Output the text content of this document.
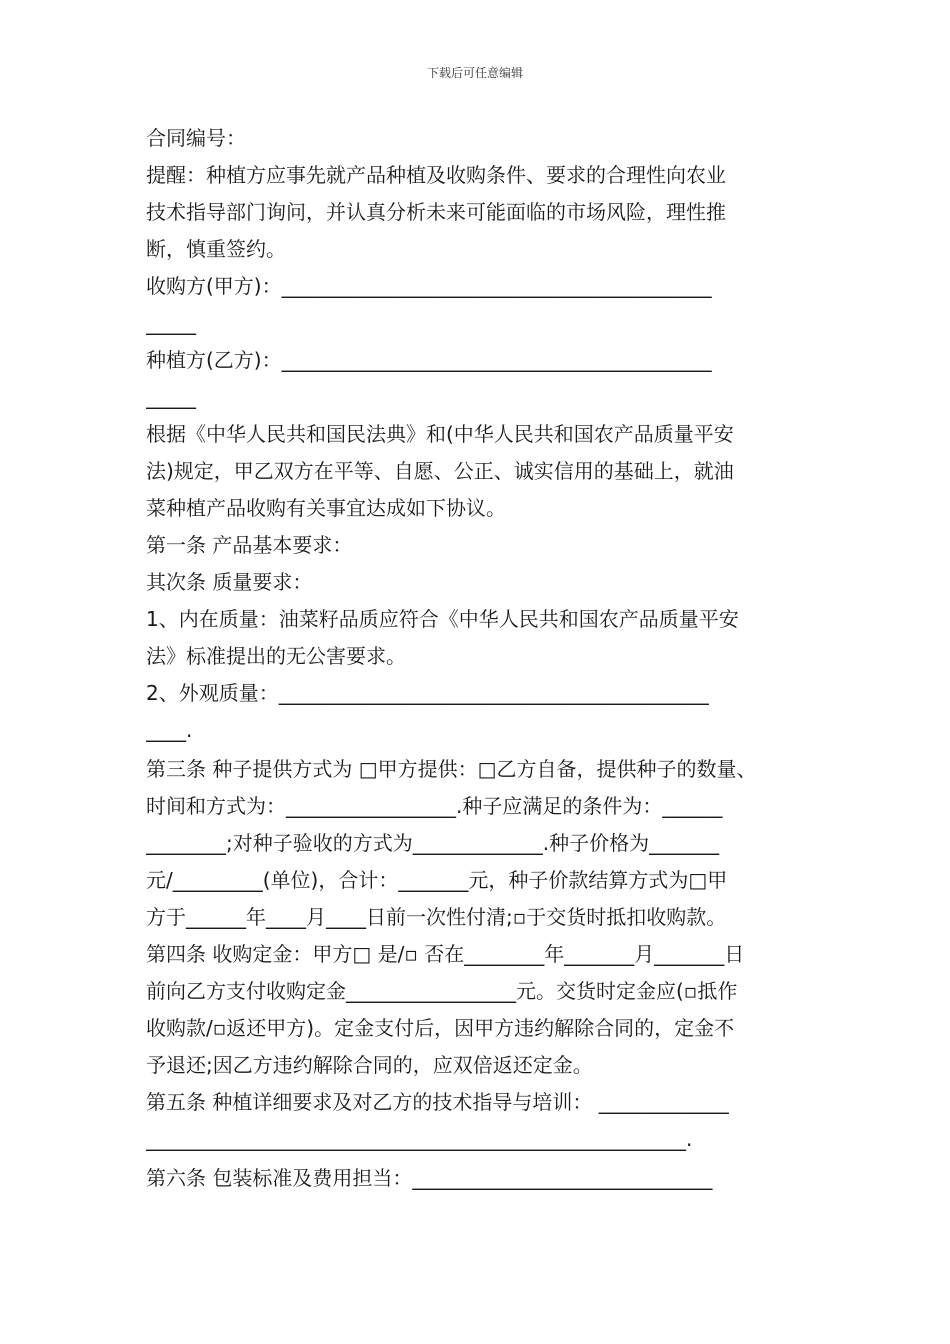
下载后可任意编辑
合同编号：
提醒：种植方应事先就产品种植及收购条件、要求的合理性向农业
技术指导部门询问，并认真分析未来可能面临的市场风险，理性推
断，慎重签约。
收购方(甲方)：___________________________________________
_____
种植方(乙方)：___________________________________________
_____
根据《中华人民共和国民法典》和(中华人民共和国农产品质量平安
法)规定，甲乙双方在平等、自愿、公正、诚实信用的基础上，就油
菜种植产品收购有关事宜达成如下协议。
第一条 产品基本要求：
其次条 质量要求：
1、内在质量：油菜籽品质应符合《中华人民共和国农产品质量平安
法》标准提出的无公害要求。
2、外观质量：___________________________________________
____.
第三条 种子提供方式为 □甲方提供：□乙方自备，提供种子的数量、
时间和方式为：_________________.种子应满足的条件为：______
________;对种子验收的方式为_____________.种子价格为_______
元/_________(单位)，合计：_______元，种子价款结算方式为□甲
方于______年____月____日前一次性付清;▫于交货时抵扣收购款。
第四条 收购定金：甲方□ 是/▫ 否在________年_______月_______日
前向乙方支付收购定金_________________元。交货时定金应(▫抵作
收购款/▫返还甲方)。定金支付后，因甲方违约解除合同的，定金不
予退还;因乙方违约解除合同的，应双倍返还定金。
第五条 种植详细要求及对乙方的技术指导与培训： _____________
______________________________________________________.
第六条 包装标准及费用担当：______________________________
